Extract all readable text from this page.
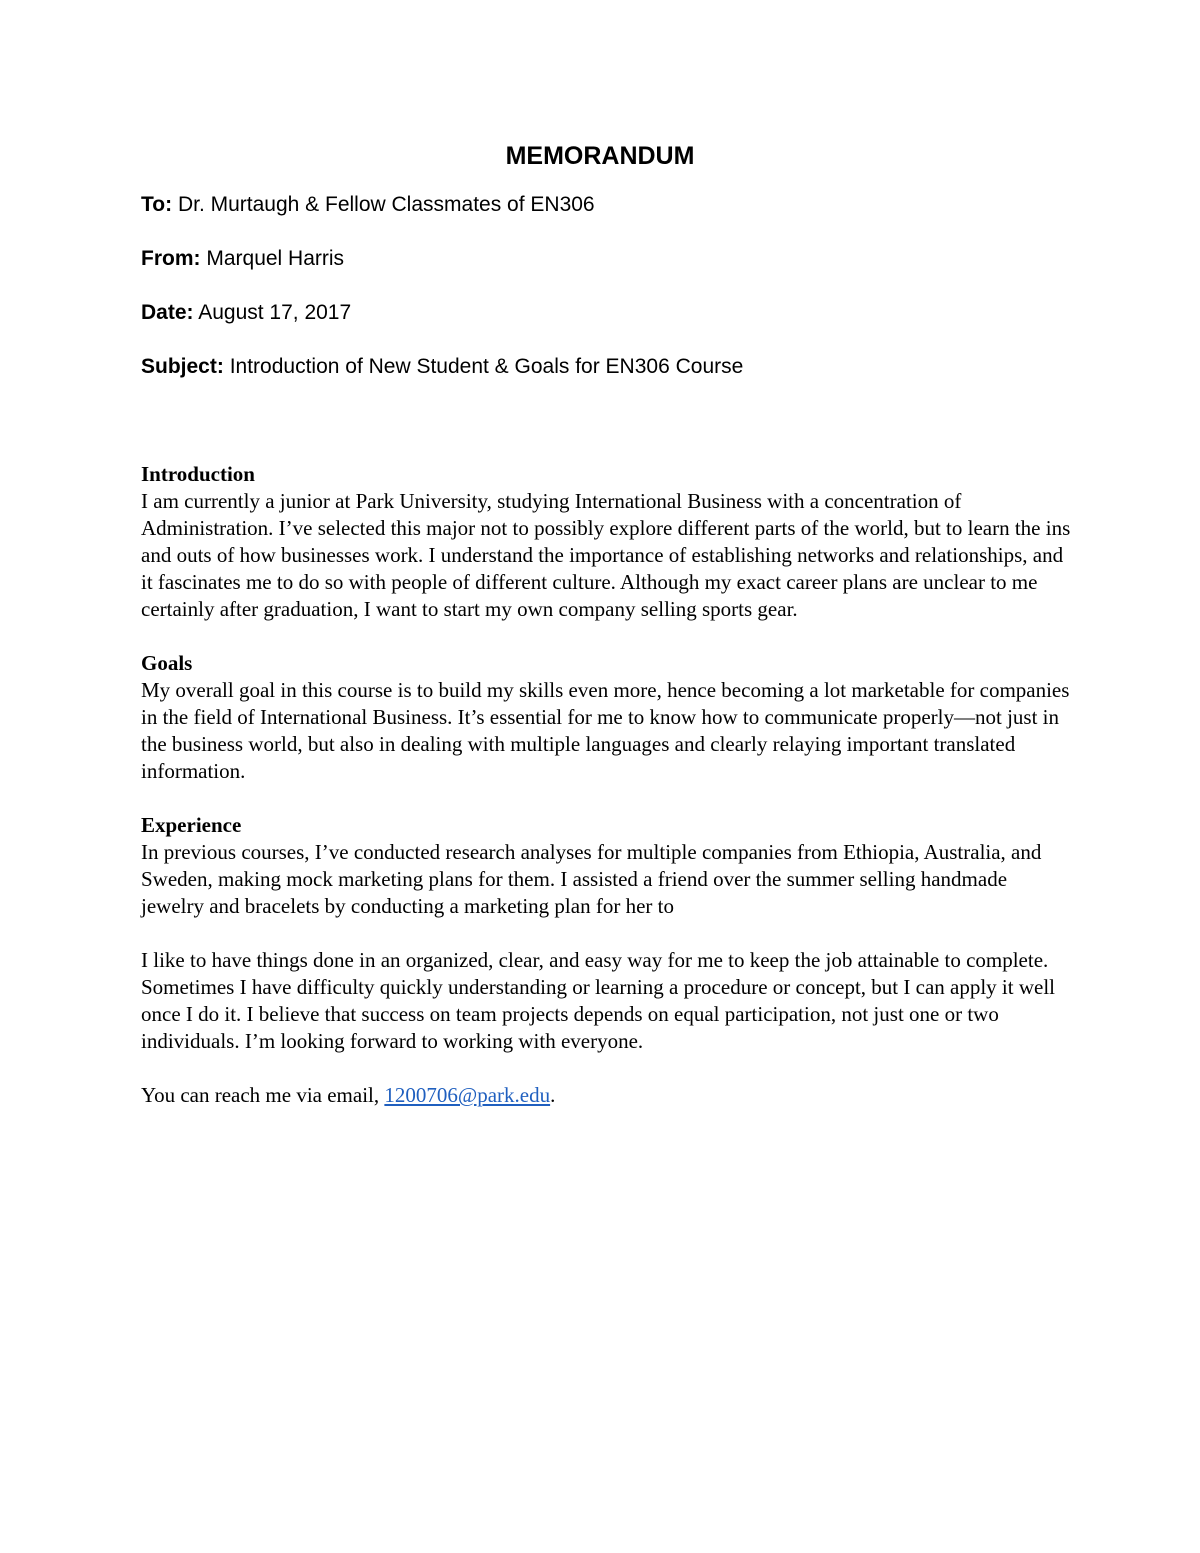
MEMORANDUM

To: Dr. Murtaugh & Fellow Classmates of EN306

From: Marquel Harris

Date: August 17, 2017

Subject: Introduction of New Student & Goals for EN306 Course

Introduction

I am currently a junior at Park University, studying International Business with a concentration of Administration. I’ve selected this major not to possibly explore different parts of the world, but to learn the ins and outs of how businesses work. I understand the importance of establishing networks and relationships, and it fascinates me to do so with people of different culture. Although my exact career plans are unclear to me certainly after graduation, I want to start my own company selling sports gear.

Goals

My overall goal in this course is to build my skills even more, hence becoming a lot marketable for companies in the field of International Business. It’s essential for me to know how to communicate properly—not just in the business world, but also in dealing with multiple languages and clearly relaying important translated information.

Experience

In previous courses, I’ve conducted research analyses for multiple companies from Ethiopia, Australia, and Sweden, making mock marketing plans for them. I assisted a friend over the summer selling handmade jewelry and bracelets by conducting a marketing plan for her to

I like to have things done in an organized, clear, and easy way for me to keep the job attainable to complete. Sometimes I have difficulty quickly understanding or learning a procedure or concept, but I can apply it well once I do it. I believe that success on team projects depends on equal participation, not just one or two individuals. I’m looking forward to working with everyone.

You can reach me via email, 1200706@park.edu.
